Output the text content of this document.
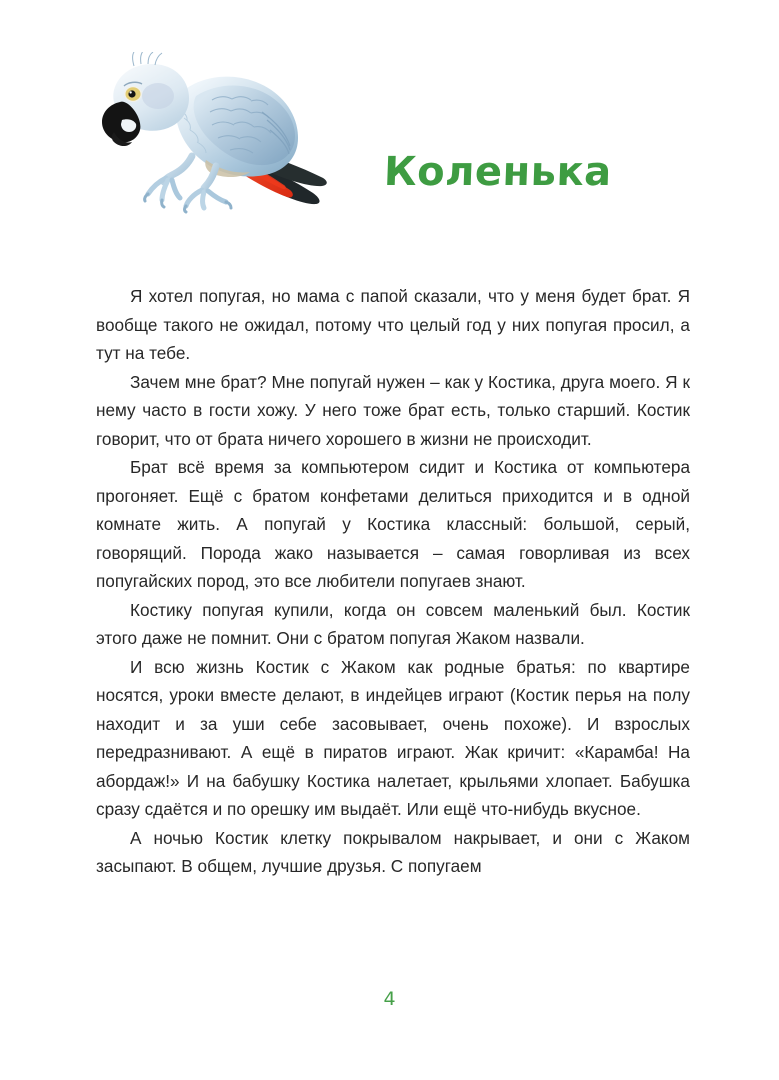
Коленька

Я хотел попугая, но мама с папой сказали, что у меня будет брат. Я вообще такого не ожидал, потому что целый год у них попугая просил, а тут на тебе.

Зачем мне брат? Мне попугай нужен – как у Костика, друга моего. Я к нему часто в гости хожу. У него тоже брат есть, только старший. Костик говорит, что от брата ничего хорошего в жизни не происходит.

Брат всё время за компьютером сидит и Костика от компьютера прогоняет. Ещё с братом конфетами делиться приходится и в одной комнате жить. А попугай у Костика классный: большой, серый, говорящий. Порода жако называется – самая говорливая из всех попугайских пород, это все любители попугаев знают.

Костику попугая купили, когда он совсем маленький был. Костик этого даже не помнит. Они с братом попугая Жаком назвали.

И всю жизнь Костик с Жаком как родные братья: по квартире носятся, уроки вместе делают, в индейцев играют (Костик перья на полу находит и за уши себе засовывает, очень похоже). И взрослых передразнивают. А ещё в пиратов играют. Жак кричит: «Карамба! На абордаж!» И на бабушку Костика налетает, крыльями хлопает. Бабушка сразу сдаётся и по орешку им выдаёт. Или ещё что-нибудь вкусное.

А ночью Костик клетку покрывалом накрывает, и они с Жаком засыпают. В общем, лучшие друзья. С попугаем

4
